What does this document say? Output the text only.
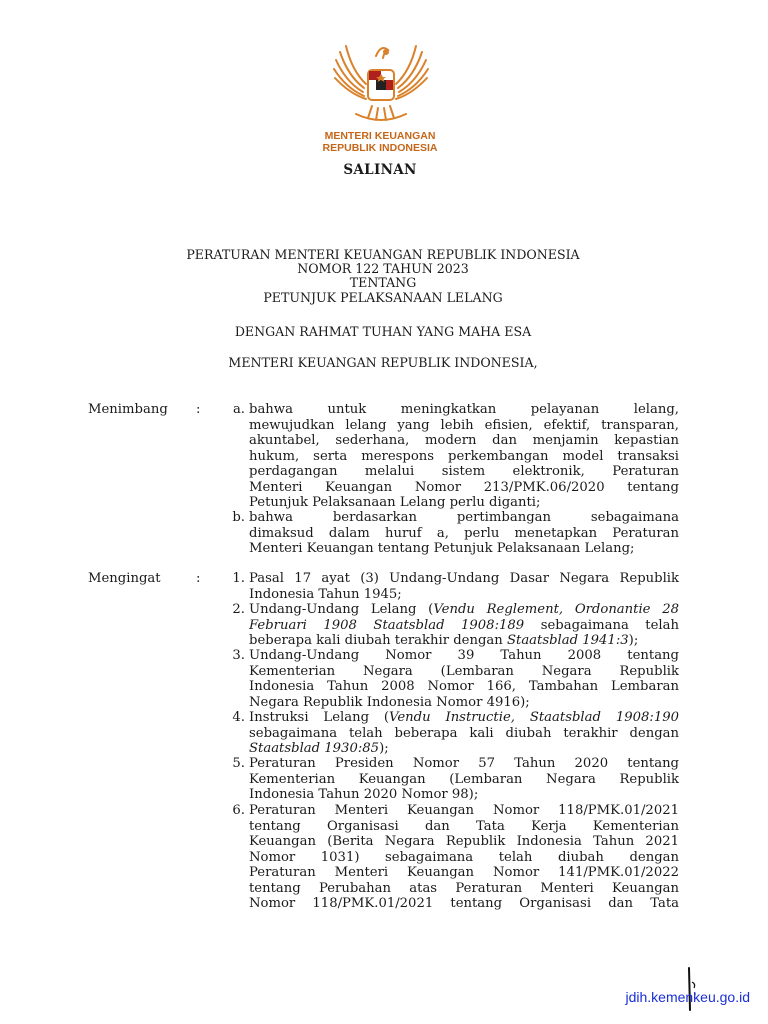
MENTERI KEUANGAN
REPUBLIK INDONESIA
SALINAN
PERATURAN MENTERI KEUANGAN REPUBLIK INDONESIA
NOMOR 122 TAHUN 2023
TENTANG
PETUNJUK PELAKSANAAN LELANG
DENGAN RAHMAT TUHAN YANG MAHA ESA
MENTERI KEUANGAN REPUBLIK INDONESIA,
Menimbang :	a. bahwa untuk meningkatkan pelayanan lelang,
mewujudkan lelang yang lebih efisien, efektif, transparan,
akuntabel, sederhana, modern dan menjamin kepastian
hukum, serta merespons perkembangan model transaksi
perdagangan melalui sistem elektronik, Peraturan
Menteri Keuangan Nomor 213/PMK.06/2020 tentang
Petunjuk Pelaksanaan Lelang perlu diganti;
b. bahwa berdasarkan pertimbangan sebagaimana
dimaksud dalam huruf a, perlu menetapkan Peraturan
Menteri Keuangan tentang Petunjuk Pelaksanaan Lelang;
Mengingat	:	1. Pasal 17 ayat (3) Undang-Undang Dasar Negara Republik
Indonesia Tahun 1945;
2. Undang-Undang Lelang (Vendu Reglement, Ordonantie 28
Februari 1908 Staatsblad 1908:189 sebagaimana telah
beberapa kali diubah terakhir dengan Staatsblad 1941:3);
3. Undang-Undang Nomor 39 Tahun 2008 tentang
Kementerian Negara (Lembaran Negara Republik
Indonesia Tahun 2008 Nomor 166, Tambahan Lembaran
Negara Republik Indonesia Nomor 4916);
4. Instruksi Lelang (Vendu Instructie, Staatsblad 1908:190
sebagaimana telah beberapa kali diubah terakhir dengan
Staatsblad 1930:85);
5. Peraturan Presiden Nomor 57 Tahun 2020 tentang
Kementerian Keuangan (Lembaran Negara Republik
Indonesia Tahun 2020 Nomor 98);
6. Peraturan Menteri Keuangan Nomor 118/PMK.01/2021
tentang Organisasi dan Tata Kerja Kementerian
Keuangan (Berita Negara Republik Indonesia Tahun 2021
Nomor 1031) sebagaimana telah diubah dengan
Peraturan Menteri Keuangan Nomor 141/PMK.01/2022
tentang Perubahan atas Peraturan Menteri Keuangan
Nomor 118/PMK.01/2021 tentang Organisasi dan Tata
jdih.kemenkeu.go.id
